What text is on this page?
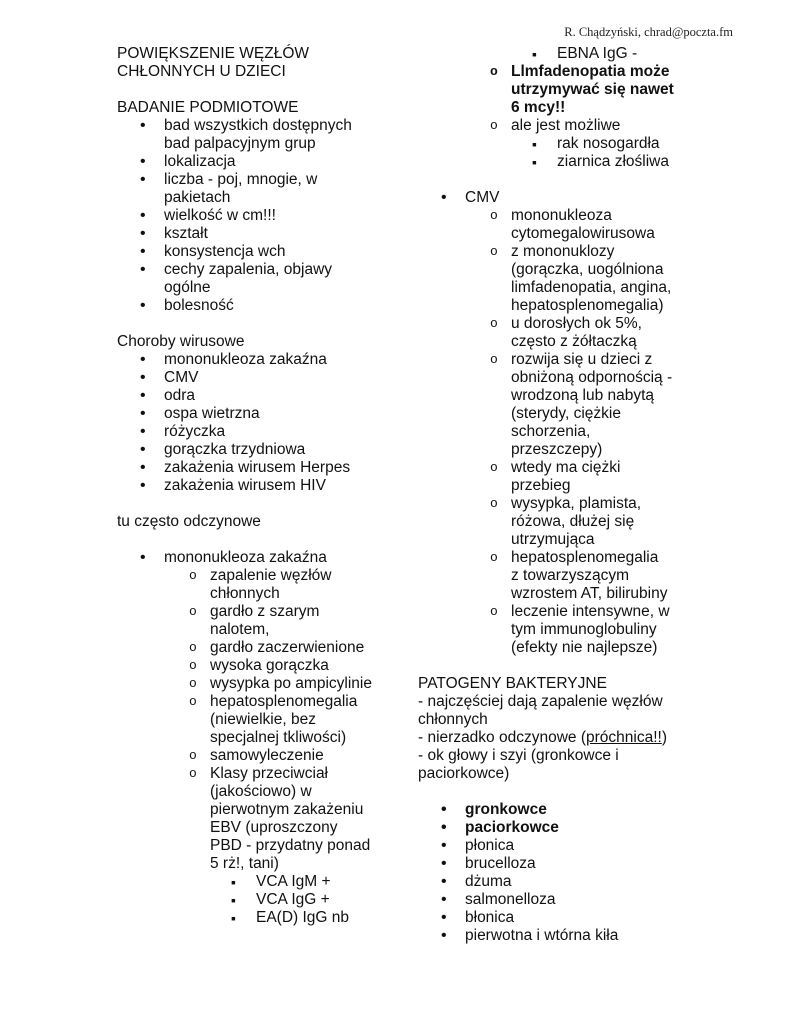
R. Chądzyński, chrad@poczta.fm

POWIĘKSZENIE WĘZŁÓW

CHŁONNYCH U DZIECI

BADANIE PODMIOTOWE

• bad wszystkich dostępnych

bad palpacyjnym grup

• lokalizacja

• liczba - poj, mnogie, w

pakietach

• wielkość w cm!!!

• kształt

• konsystencja wch

• cechy zapalenia, objawy

ogólne

• bolesność

Choroby wirusowe

• mononukleoza zakaźna
• CMV
• odra
• ospa wietrzna
• różyczka
• gorączka trzydniowa
• zakażenia wirusem Herpes
• zakażenia wirusem HIV

tu często odczynowe

• mononukleoza zakaźna

o zapalenie węzłów

chłonnych

o gardło z szarym

nalotem,

o gardło zaczerwienione

o wysoka gorączka

o wysypka po ampicylinie

o hepatosplenomegalia

(niewielkie, bez

specjalnej tkliwości)

o samowyleczenie

o Klasy przeciwciał

(jakościowo) w

pierwotnym zakażeniu

EBV (uproszczony

PBD - przydatny ponad

5 rż!, tani)

▪ VCA IgM +
▪ VCA IgG +
▪ EA(D) IgG nb
▪ EBNA IgG -

o Llmfadenopatia może

utrzymywać się nawet

6 mcy!!

o ale jest możliwe
▪ rak nosogardła
▪ ziarnica złośliwa
• CMV

o mononukleoza

cytomegalowirusowa

o z mononuklozy

(gorączka, uogólniona

limfadenopatia, angina,

hepatosplenomegalia)

o u dorosłych ok 5%,

często z żółtaczką

o rozwija się u dzieci z

obniżoną odpornością -

wrodzoną lub nabytą

(sterydy, ciężkie

schorzenia,

przeszczepy)

o wtedy ma ciężki

przebieg

o wysypka, plamista,

różowa, dłużej się

utrzymująca

o hepatosplenomegalia

z towarzyszącym

wzrostem AT, bilirubiny

o leczenie intensywne, w

tym immunoglobuliny

(efekty nie najlepsze)

PATOGENY BAKTERYJNE

- najczęściej dają zapalenie węzłów

chłonnych

- nierzadko odczynowe (próchnica!!)

- ok głowy i szyi (gronkowce i

paciorkowce)

• gronkowce
• paciorkowce
• płonica
• brucelloza
• dżuma
• salmonelloza
• błonica
• pierwotna i wtórna kiła
